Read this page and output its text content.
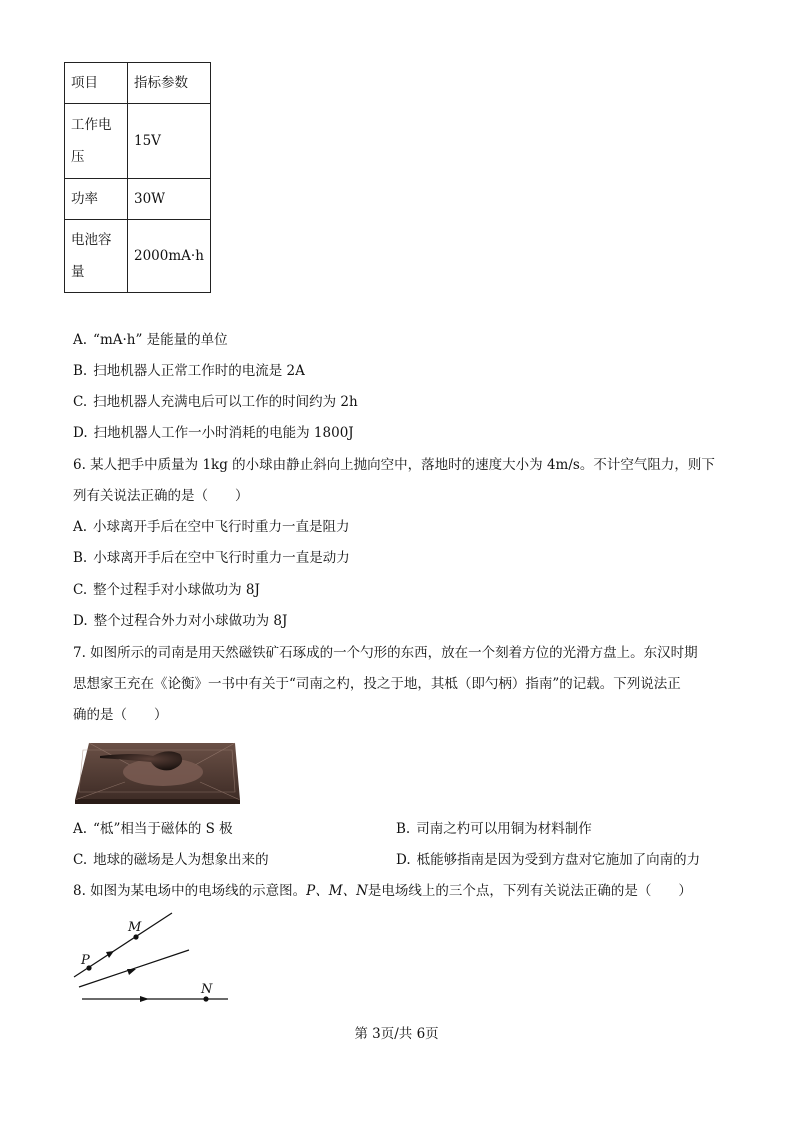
项目	指标参数

工作电
压	15V
功率	30W

电池容
量	2000mA·h
A. “mA·h” 是能量的单位
B. 扫地机器人正常工作时的电流是 2A
C. 扫地机器人充满电后可以工作的时间约为 2h
D. 扫地机器人工作一小时消耗的电能为 1800J
6. 某人把手中质量为 1kg 的小球由静止斜向上抛向空中，落地时的速度大小为 4m/s。不计空气阻力，则下
列有关说法正确的是（　　）
A. 小球离开手后在空中飞行时重力一直是阻力
B. 小球离开手后在空中飞行时重力一直是动力
C. 整个过程手对小球做功为 8J
D. 整个过程合外力对小球做功为 8J
7. 如图所示的司南是用天然磁铁矿石琢成的一个勺形的东西，放在一个刻着方位的光滑方盘上。东汉时期
思想家王充在《论衡》一书中有关于“司南之杓，投之于地，其柢（即勺柄）指南”的记载。下列说法正
确的是（　　）
A. “柢”相当于磁体的 S 极	B. 司南之杓可以用铜为材料制作
C. 地球的磁场是人为想象出来的	D. 柢能够指南是因为受到方盘对它施加了向南的力
8. 如图为某电场中的电场线的示意图。P、M、N是电场线上的三个点，下列有关说法正确的是（　　）
M
P
N
第 3页/共 6页
